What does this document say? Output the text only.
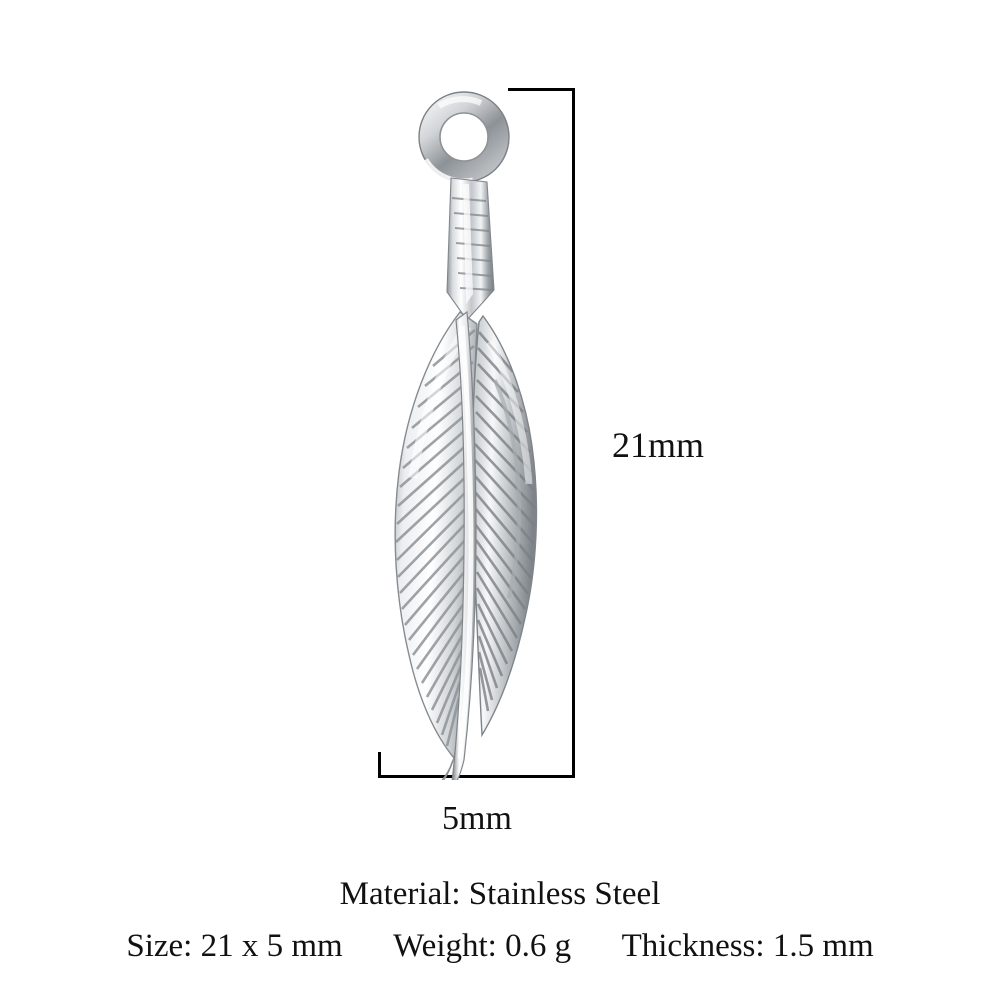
21mm
5mm
Material: Stainless Steel
Size: 21 x 5 mm Weight: 0.6 g Thickness: 1.5 mm
